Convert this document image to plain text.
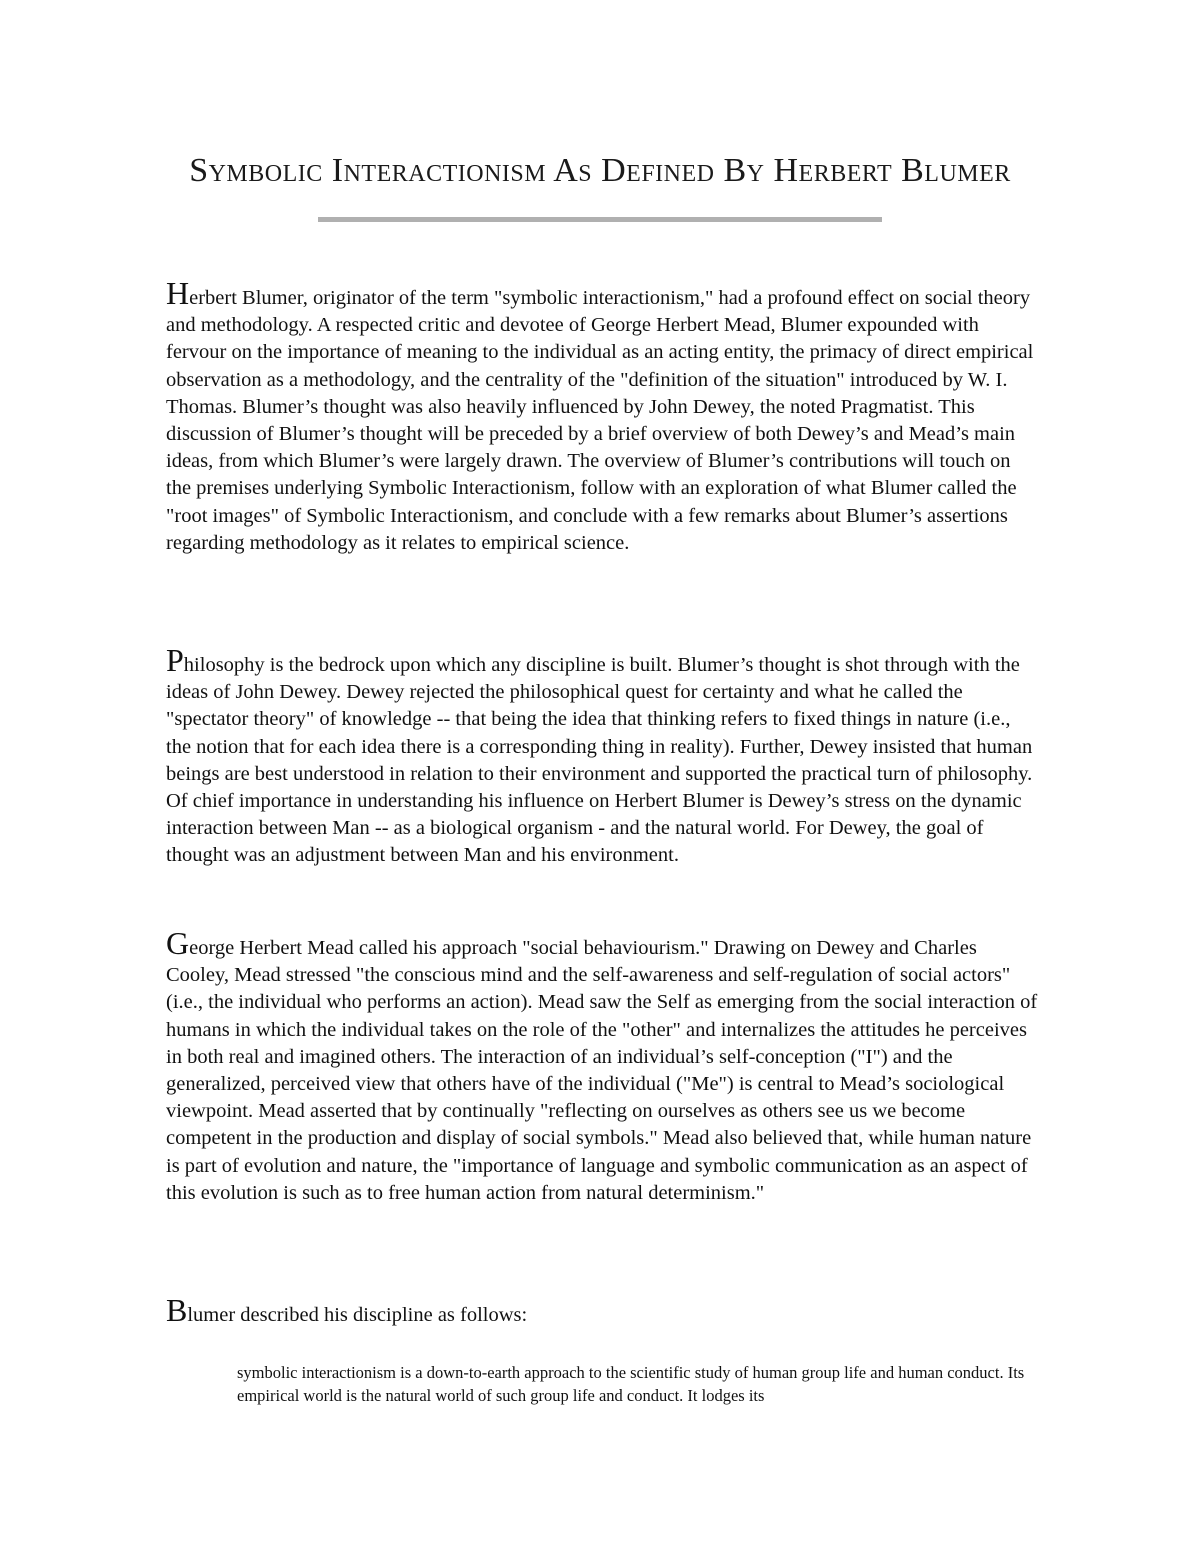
Symbolic Interactionism As Defined By Herbert Blumer

Herbert Blumer, originator of the term "symbolic interactionism," had a profound effect on social theory and methodology. A respected critic and devotee of George Herbert Mead, Blumer expounded with fervour on the importance of meaning to the individual as an acting entity, the primacy of direct empirical observation as a methodology, and the centrality of the "definition of the situation" introduced by W. I. Thomas. Blumer’s thought was also heavily influenced by John Dewey, the noted Pragmatist. This discussion of Blumer’s thought will be preceded by a brief overview of both Dewey’s and Mead’s main ideas, from which Blumer’s were largely drawn. The overview of Blumer’s contributions will touch on the premises underlying Symbolic Interactionism, follow with an exploration of what Blumer called the "root images" of Symbolic Interactionism, and conclude with a few remarks about Blumer’s assertions regarding methodology as it relates to empirical science.

Philosophy is the bedrock upon which any discipline is built. Blumer’s thought is shot through with the ideas of John Dewey. Dewey rejected the philosophical quest for certainty and what he called the "spectator theory" of knowledge -- that being the idea that thinking refers to fixed things in nature (i.e., the notion that for each idea there is a corresponding thing in reality). Further, Dewey insisted that human beings are best understood in relation to their environment and supported the practical turn of philosophy. Of chief importance in understanding his influence on Herbert Blumer is Dewey’s stress on the dynamic interaction between Man -- as a biological organism - and the natural world. For Dewey, the goal of thought was an adjustment between Man and his environment.

George Herbert Mead called his approach "social behaviourism." Drawing on Dewey and Charles Cooley, Mead stressed "the conscious mind and the self-awareness and self-regulation of social actors" (i.e., the individual who performs an action). Mead saw the Self as emerging from the social interaction of humans in which the individual takes on the role of the "other" and internalizes the attitudes he perceives in both real and imagined others. The interaction of an individual’s self-conception ("I") and the generalized, perceived view that others have of the individual ("Me") is central to Mead’s sociological viewpoint. Mead asserted that by continually "reflecting on ourselves as others see us we become competent in the production and display of social symbols." Mead also believed that, while human nature is part of evolution and nature, the "importance of language and symbolic communication as an aspect of this evolution is such as to free human action from natural determinism."

Blumer described his discipline as follows:

symbolic interactionism is a down-to-earth approach to the scientific study of human group life and human conduct. Its empirical world is the natural world of such group life and conduct. It lodges its
